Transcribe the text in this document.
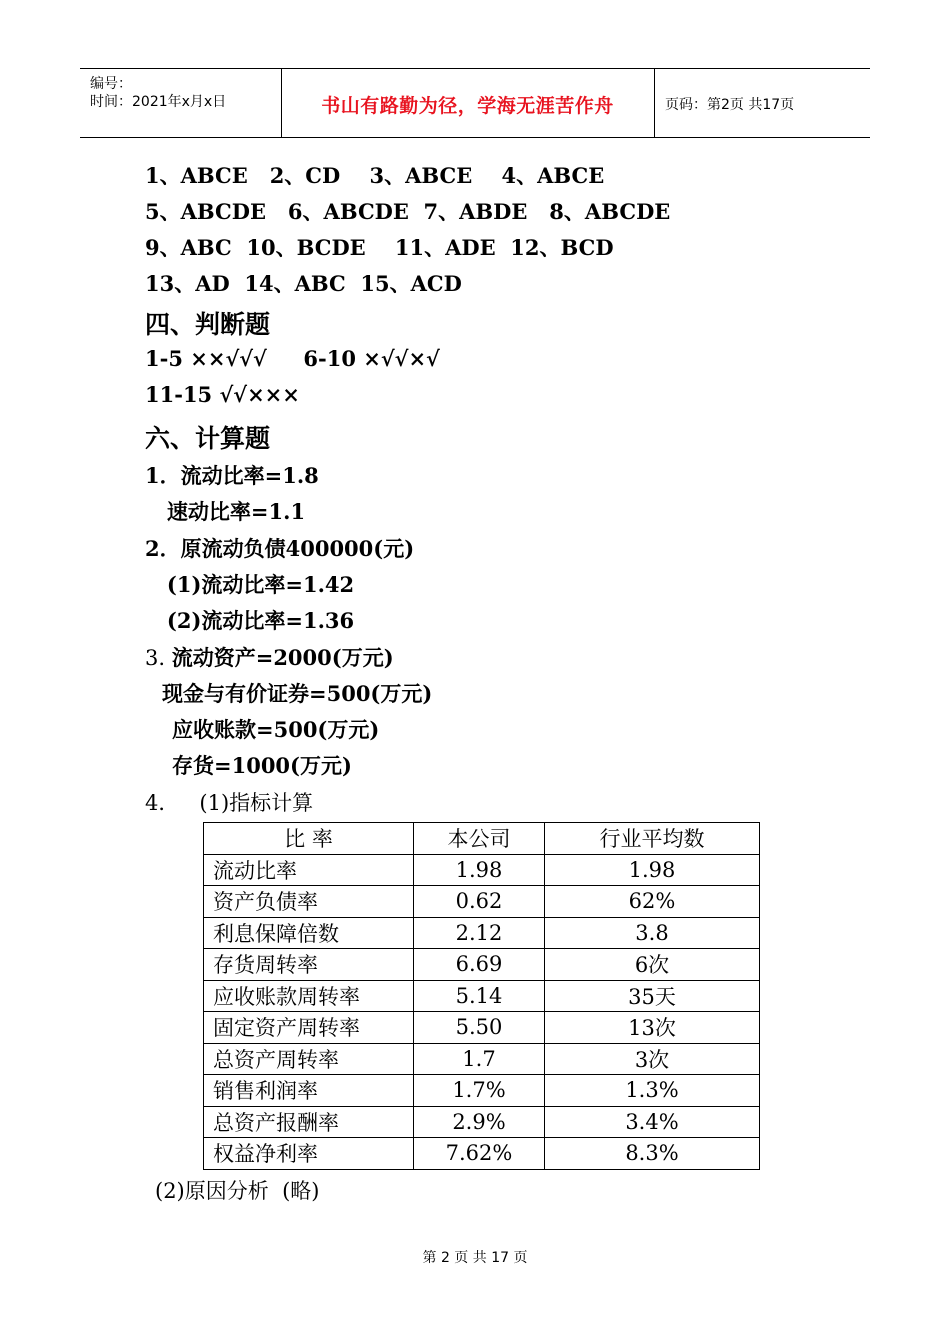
编号：
时间：2021年x月x日	书山有路勤为径，学海无涯苦作舟	页码：第2页 共17页
1、ABCE   2、CD    3、ABCE    4、ABCE
5、ABCDE   6、ABCDE  7、ABDE   8、ABCDE
9、ABC  10、BCDE    11、ADE  12、BCD
13、AD  14、ABC  15、ACD
四、判断题
1-5 ××√√√     6-10 ×√√×√
11-15 √√×××
六、计算题
1．流动比率=1.8
速动比率=1.1
2．原流动负债400000(元)
(1)流动比率=1.42
(2)流动比率=1.36
3. 流动资产=2000(万元)
现金与有价证券=500(万元)
应收账款=500(万元)
存货=1000(万元)
4．   (1)指标计算
比 率	本公司	行业平均数
流动比率	1.98	1.98
资产负债率	0.62	62%
利息保障倍数	2.12	3.8
存货周转率	6.69	6次
应收账款周转率	5.14	35天
固定资产周转率	5.50	13次
总资产周转率	1.7	3次
销售利润率	1.7%	1.3%
总资产报酬率	2.9%	3.4%
权益净利率	7.62%	8.3%
(2)原因分析  (略)
第 2 页 共 17 页
